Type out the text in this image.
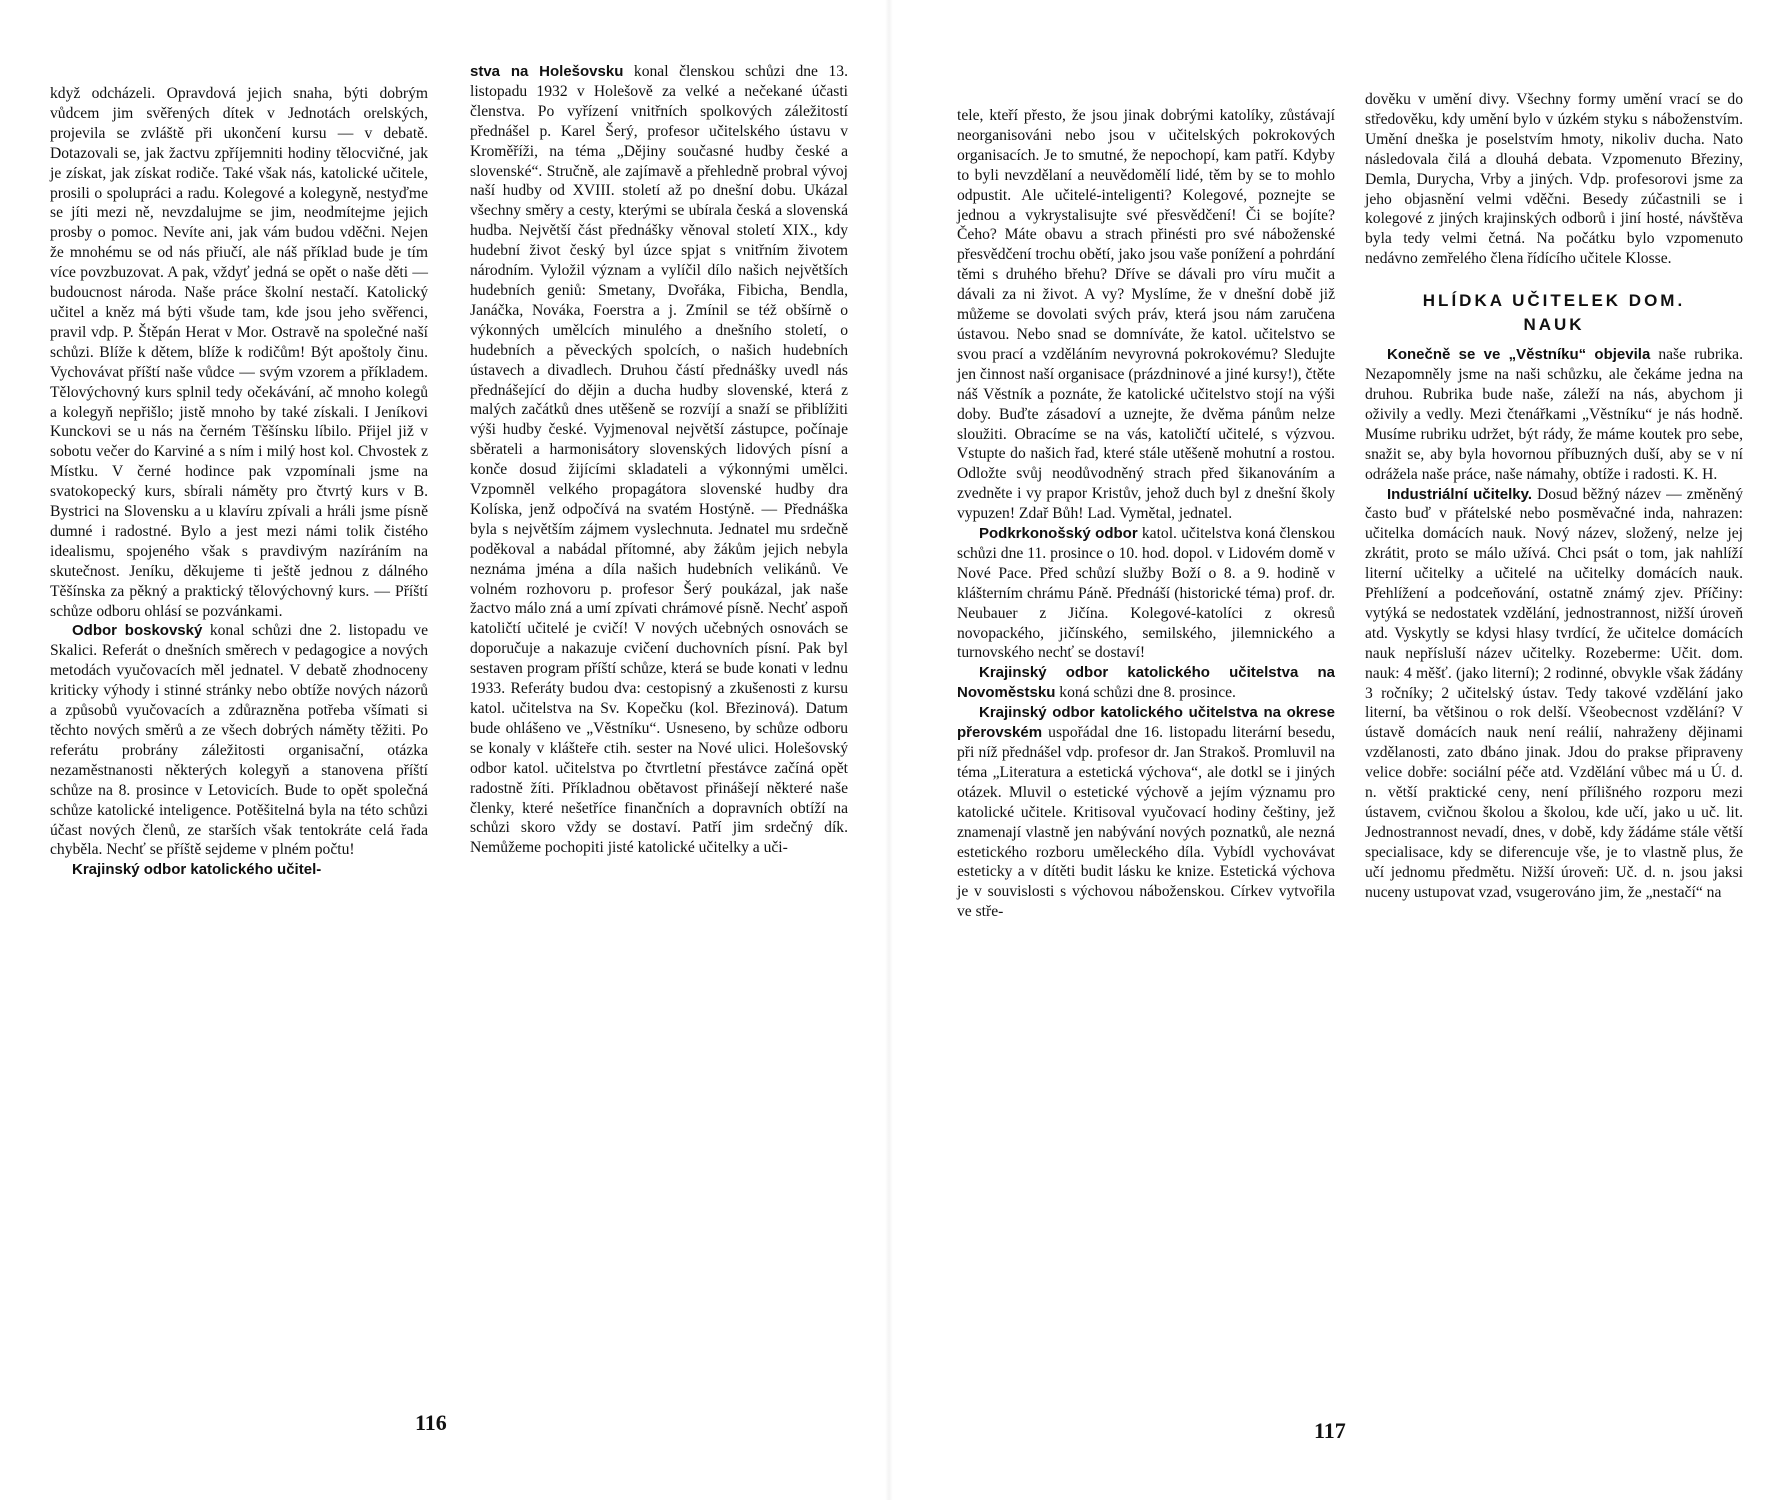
když odcházeli. Opravdová jejich snaha, býti dobrým vůdcem jim svěřených dítek v Jednotách orelských, projevila se zvláště při ukončení kursu — v debatě. Dotazovali se, jak žactvu zpříjemniti hodiny tělocvičné, jak je získat, jak získat rodiče. Také však nás, katolické učitele, prosili o spolupráci a radu. Kolegové a kolegyně, nestyďme se jíti mezi ně, nevzdalujme se jim, neodmítejme jejich prosby o pomoc. Nevíte ani, jak vám budou vděčni. Nejen že mnohému se od nás přiučí, ale náš příklad bude je tím více povzbuzovat. A pak, vždyť jedná se opět o naše děti — budoucnost národa. Naše práce školní nestačí. Katolický učitel a kněz má býti všude tam, kde jsou jeho svěřenci, pravil vdp. P. Štěpán Herat v Mor. Ostravě na společné naší schůzi. Blíže k dětem, blíže k rodičům! Být apoštoly činu. Vychovávat příští naše vůdce — svým vzorem a příkladem. Tělovýchovný kurs splnil tedy očekávání, ač mnoho kolegů a kolegyň nepřišlo; jistě mnoho by také získali. I Jeníkovi Kunckovi se u nás na černém Těšínsku líbilo. Přijel již v sobotu večer do Karviné a s ním i milý host kol. Chvostek z Místku. V černé hodince pak vzpomínali jsme na svatokopecký kurs, sbírali náměty pro čtvrtý kurs v B. Bystrici na Slovensku a u klavíru zpívali a hráli jsme písně dumné i radostné. Bylo a jest mezi námi tolik čistého idealismu, spojeného však s pravdivým nazíráním na skutečnost. Jeníku, děkujeme ti ještě jednou z dálného Těšínska za pěkný a praktický tělovýchovný kurs. — Příští schůze odboru ohlásí se pozvánkami.

Odbor boskovský konal schůzi dne 2. listopadu ve Skalici. Referát o dnešních směrech v pedagogice a nových metodách vyučovacích měl jednatel. V debatě zhodnoceny kriticky výhody i stinné stránky nebo obtíže nových názorů a způsobů vyučovacích a zdůrazněna potřeba všímati si těchto nových směrů a ze všech dobrých náměty těžiti. Po referátu probrány záležitosti organisační, otázka nezaměstnanosti některých kolegyň a stanovena příští schůze na 8. prosince v Letovicích. Bude to opět společná schůze katolické inteligence. Potěšitelná byla na této schůzi účast nových členů, ze starších však tentokráte celá řada chyběla. Nechť se příště sejdeme v plném počtu!

Krajinský odbor katolického učitel-

stva na Holešovsku konal členskou schůzi dne 13. listopadu 1932 v Holešově za velké a nečekané účasti členstva. Po vyřízení vnitřních spolkových záležitostí přednášel p. Karel Šerý, profesor učitelského ústavu v Kroměříži, na téma „Dějiny současné hudby české a slovenské“. Stručně, ale zajímavě a přehledně probral vývoj naší hudby od XVIII. století až po dnešní dobu. Ukázal všechny směry a cesty, kterými se ubírala česká a slovenská hudba. Největší část přednášky věnoval století XIX., kdy hudební život český byl úzce spjat s vnitřním životem národním. Vyložil význam a vylíčil dílo našich největších hudebních geniů: Smetany, Dvořáka, Fibicha, Bendla, Janáčka, Nováka, Foerstra a j. Zmínil se též obšírně o výkonných umělcích minulého a dnešního století, o hudebních a pěveckých spolcích, o našich hudebních ústavech a divadlech. Druhou částí přednášky uvedl nás přednášející do dějin a ducha hudby slovenské, která z malých začátků dnes utěšeně se rozvíjí a snaží se přiblížiti výši hudby české. Vyjmenoval největší zástupce, počínaje sběrateli a harmonisátory slovenských lidových písní a konče dosud žijícími skladateli a výkonnými umělci. Vzpomněl velkého propagátora slovenské hudby dra Kolíska, jenž odpočívá na svatém Hostýně. — Přednáška byla s největším zájmem vyslechnuta. Jednatel mu srdečně poděkoval a nabádal přítomné, aby žákům jejich nebyla neznáma jména a díla našich hudebních velikánů. Ve volném rozhovoru p. profesor Šerý poukázal, jak naše žactvo málo zná a umí zpívati chrámové písně. Nechť aspoň katoličtí učitelé je cvičí! V nových učebných osnovách se doporučuje a nakazuje cvičení duchovních písní. Pak byl sestaven program příští schůze, která se bude konati v lednu 1933. Referáty budou dva: cestopisný a zkušenosti z kursu katol. učitelstva na Sv. Kopečku (kol. Březinová). Datum bude ohlášeno ve „Věstníku“. Usneseno, by schůze odboru se konaly v klášteře ctih. sester na Nové ulici. Holešovský odbor katol. učitelstva po čtvrtletní přestávce začíná opět radostně žíti. Příkladnou obětavost přinášejí některé naše členky, které nešetříce finančních a dopravních obtíží na schůzi skoro vždy se dostaví. Patří jim srdečný dík. Nemůžeme pochopiti jisté katolické učitelky a uči-

116

tele, kteří přesto, že jsou jinak dobrými katolíky, zůstávají neorganisováni nebo jsou v učitelských pokrokových organisacích. Je to smutné, že nepochopí, kam patří. Kdyby to byli nevzdělaní a neuvědomělí lidé, těm by se to mohlo odpustit. Ale učitelé-inteligenti? Kolegové, poznejte se jednou a vykrystalisujte své přesvědčení! Či se bojíte? Čeho? Máte obavu a strach přinésti pro své náboženské přesvědčení trochu obětí, jako jsou vaše ponížení a pohrdání těmi s druhého břehu? Dříve se dávali pro víru mučit a dávali za ni život. A vy? Myslíme, že v dnešní době již můžeme se dovolati svých práv, která jsou nám zaručena ústavou. Nebo snad se domníváte, že katol. učitelstvo se svou prací a vzděláním nevyrovná pokrokovému? Sledujte jen činnost naší organisace (prázdninové a jiné kursy!), čtěte náš Věstník a poznáte, že katolické učitelstvo stojí na výši doby. Buďte zásadoví a uznejte, že dvěma pánům nelze sloužiti. Obracíme se na vás, katoličtí učitelé, s výzvou. Vstupte do našich řad, které stále utěšeně mohutní a rostou. Odložte svůj neodůvodněný strach před šikanováním a zvedněte i vy prapor Kristův, jehož duch byl z dnešní školy vypuzen! Zdař Bůh! Lad. Vymětal, jednatel.

Podkrkonošský odbor katol. učitelstva koná členskou schůzi dne 11. prosince o 10. hod. dopol. v Lidovém domě v Nové Pace. Před schůzí služby Boží o 8. a 9. hodině v klášterním chrámu Páně. Přednáší (historické téma) prof. dr. Neubauer z Jičína. Kolegové-katolíci z okresů novopackého, jičínského, semilského, jilemnického a turnovského nechť se dostaví!

Krajinský odbor katolického učitelstva na Novoměstsku koná schůzi dne 8. prosince.

Krajinský odbor katolického učitelstva na okrese přerovském uspořádal dne 16. listopadu literární besedu, při níž přednášel vdp. profesor dr. Jan Strakoš. Promluvil na téma „Literatura a estetická výchova“, ale dotkl se i jiných otázek. Mluvil o estetické výchově a jejím významu pro katolické učitele. Kritisoval vyučovací hodiny češtiny, jež znamenají vlastně jen nabývání nových poznatků, ale nezná estetického rozboru uměleckého díla. Vybídl vychovávat esteticky a v dítěti budit lásku ke knize. Estetická výchova je v souvislosti s výchovou náboženskou. Církev vytvořila ve stře-

dověku v umění divy. Všechny formy umění vrací se do středověku, kdy umění bylo v úzkém styku s náboženstvím. Umění dneška je poselstvím hmoty, nikoliv ducha. Nato následovala čilá a dlouhá debata. Vzpomenuto Březiny, Demla, Durycha, Vrby a jiných. Vdp. profesorovi jsme za jeho objasnění velmi vděčni. Besedy zúčastnili se i kolegové z jiných krajinských odborů i jiní hosté, návštěva byla tedy velmi četná. Na počátku bylo vzpomenuto nedávno zemřelého člena řídícího učitele Klosse.

HLÍDKA UČITELEK DOM.
NAUK

Konečně se ve „Věstníku“ objevila naše rubrika. Nezapomněly jsme na naši schůzku, ale čekáme jedna na druhou. Rubrika bude naše, záleží na nás, abychom ji oživily a vedly. Mezi čtenářkami „Věstníku“ je nás hodně. Musíme rubriku udržet, být rády, že máme koutek pro sebe, snažit se, aby byla hovornou příbuzných duší, aby se v ní odrážela naše práce, naše námahy, obtíže i radosti. K. H.

Industriální učitelky. Dosud běžný název — změněný často buď v přátelské nebo posměvačné inda, nahrazen: učitelka domácích nauk. Nový název, složený, nelze jej zkrátit, proto se málo užívá. Chci psát o tom, jak nahlíží literní učitelky a učitelé na učitelky domácích nauk. Přehlížení a podceňování, ostatně známý zjev. Příčiny: vytýká se nedostatek vzdělání, jednostrannost, nižší úroveň atd. Vyskytly se kdysi hlasy tvrdící, že učitelce domácích nauk nepřísluší název učitelky. Rozeberme: Učit. dom. nauk: 4 měšť. (jako literní); 2 rodinné, obvykle však žádány 3 ročníky; 2 učitelský ústav. Tedy takové vzdělání jako literní, ba většinou o rok delší. Všeobecnost vzdělání? V ústavě domácích nauk není reálií, nahraženy dějinami vzdělanosti, zato dbáno jinak. Jdou do prakse připraveny velice dobře: sociální péče atd. Vzdělání vůbec má u Ú. d. n. větší praktické ceny, není přílišného rozporu mezi ústavem, cvičnou školou a školou, kde učí, jako u uč. lit. Jednostrannost nevadí, dnes, v době, kdy žádáme stále větší specialisace, kdy se diferencuje vše, je to vlastně plus, že učí jednomu předmětu. Nižší úroveň: Uč. d. n. jsou jaksi nuceny ustupovat vzad, vsugerováno jim, že „nestačí“ na

117
